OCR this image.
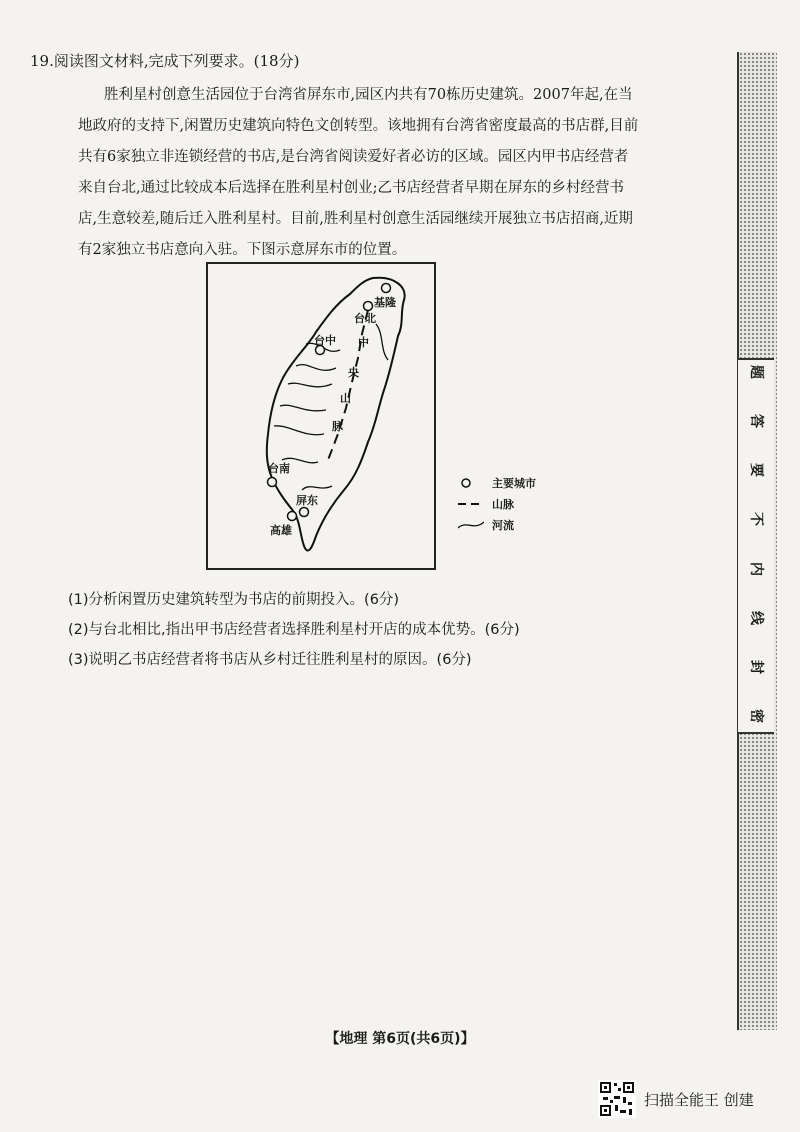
19.阅读图文材料,完成下列要求。(18分)
胜利星村创意生活园位于台湾省屏东市,园区内共有70栋历史建筑。2007年起,在当
地政府的支持下,闲置历史建筑向特色文创转型。该地拥有台湾省密度最高的书店群,目前
共有6家独立非连锁经营的书店,是台湾省阅读爱好者必访的区域。园区内甲书店经营者
来自台北,通过比较成本后选择在胜利星村创业;乙书店经营者早期在屏东的乡村经营书
店,生意较差,随后迁入胜利星村。目前,胜利星村创意生活园继续开展独立书店招商,近期
有2家独立书店意向入驻。下图示意屏东市的位置。
基隆
台北
台中
台南
屏东
高雄
中
央
山
脉
主要城市
山脉
河流
(1)分析闲置历史建筑转型为书店的前期投入。(6分)
(2)与台北相比,指出甲书店经营者选择胜利星村开店的成本优势。(6分)
(3)说明乙书店经营者将书店从乡村迁往胜利星村的原因。(6分)
题
答
要
不
内
线
封
密
【地理 第6页(共6页)】
扫描全能王 创建
